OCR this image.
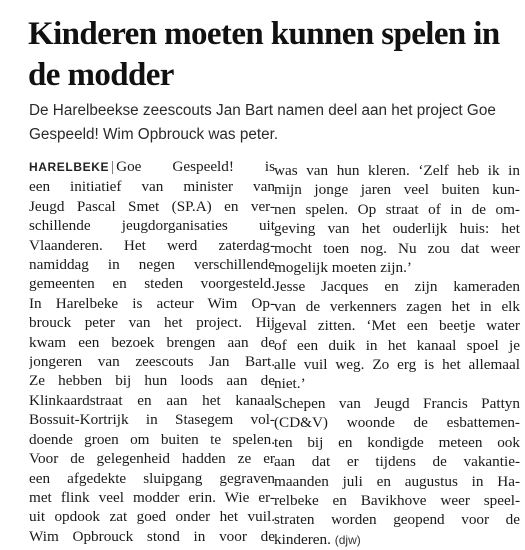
Kinderen moeten kunnen spelen in de modder

De Harelbeekse zeescouts Jan Bart namen deel aan het project Goe Gespeeld! Wim Opbrouck was peter.

HARELBEKE | Goe Gespeeld! is
een initiatief van minister van
Jeugd Pascal Smet (SP.A) en ver-
schillende jeugdorganisaties uit
Vlaanderen. Het werd zaterdag-
namiddag in negen verschillende
gemeenten en steden voorgesteld.
In Harelbeke is acteur Wim Op-
brouck peter van het project. Hij
kwam een bezoek brengen aan de
jongeren van zeescouts Jan Bart.
Ze hebben bij hun loods aan de
Klinkaardstraat en aan het kanaal
Bossuit-Kortrijk in Stasegem vol-
doende groen om buiten te spelen.
Voor de gelegenheid hadden ze er
een afgedekte sluipgang gegraven
met flink veel modder erin. Wie er-
uit opdook zat goed onder het vuil.
Wim Opbrouck stond in voor de
was van hun kleren. ‘Zelf heb ik in
mijn jonge jaren veel buiten kun-
nen spelen. Op straat of in de om-
geving van het ouderlijk huis: het
mocht toen nog. Nu zou dat weer
mogelijk moeten zijn.’
Jesse Jacques en zijn kameraden
van de verkenners zagen het in elk
geval zitten. ‘Met een beetje water
of een duik in het kanaal spoel je
alle vuil weg. Zo erg is het allemaal
niet.’
Schepen van Jeugd Francis Pattyn
(CD&V) woonde de esbattemen-
ten bij en kondigde meteen ook
aan dat er tijdens de vakantie-
maanden juli en augustus in Ha-
relbeke en Bavikhove weer speel-
straten worden geopend voor de
kinderen. (djw)
